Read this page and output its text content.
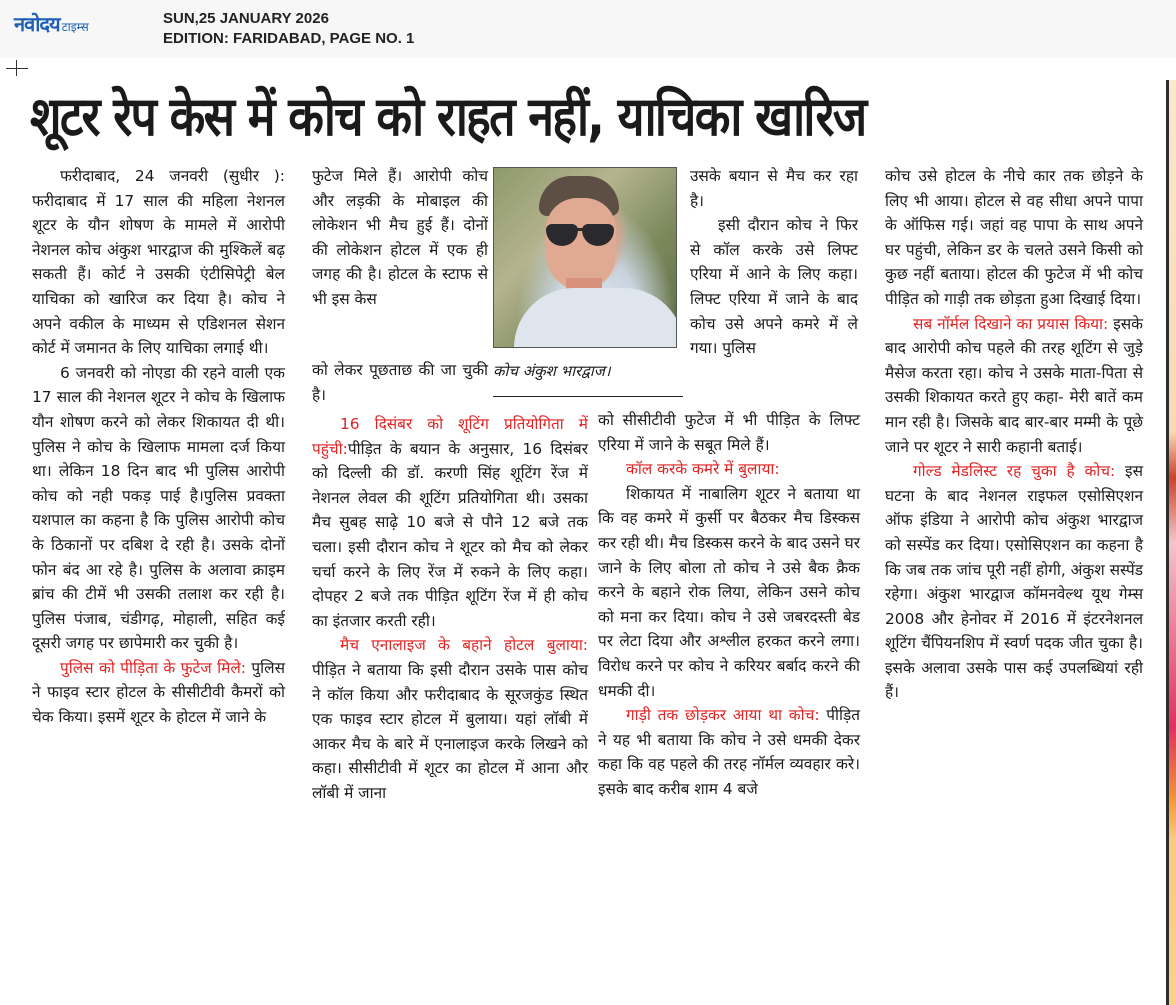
नवोदय टाइम्स	SUN,25 JANUARY 2026
EDITION: FARIDABAD, PAGE NO. 1
शूटर रेप केस में कोच को राहत नहीं, याचिका खारिज

फरीदाबाद, 24 जनवरी (सुधीर ): फरीदाबाद में 17 साल की महिला नेशनल शूटर के यौन शोषण के मामले में आरोपी नेशनल कोच अंकुश भारद्वाज की मुश्किलें बढ़ सकती हैं। कोर्ट ने उसकी एंटीसिपेट्री बेल याचिका को खारिज कर दिया है। कोच ने अपने वकील के माध्यम से एडिशनल सेशन कोर्ट में जमानत के लिए याचिका लगाई थी।

6 जनवरी को नोएडा की रहने वाली एक 17 साल की नेशनल शूटर ने कोच के खिलाफ यौन शोषण करने को लेकर शिकायत दी थी। पुलिस ने कोच के खिलाफ मामला दर्ज किया था। लेकिन 18 दिन बाद भी पुलिस आरोपी कोच को नही पकड़ पाई है।पुलिस प्रवक्ता यशपाल का कहना है कि पुलिस आरोपी कोच के ठिकानों पर दबिश दे रही है। उसके दोनों फोन बंद आ रहे है। पुलिस के अलावा क्राइम ब्रांच की टीमें भी उसकी तलाश कर रही है। पुलिस पंजाब, चंडीगढ़, मोहाली, सहित कई दूसरी जगह पर छापेमारी कर चुकी है।

पुलिस को पीड़िता के फुटेज मिले: पुलिस ने फाइव स्टार होटल के सीसीटीवी कैमरों को चेक किया। इसमें शूटर के होटल में जाने के

फुटेज मिले हैं। आरोपी कोच और लड़की के मोबाइल की लोकेशन भी मैच हुई हैं। दोनों की लोकेशन होटल में एक ही जगह की है। होटल के स्टाफ से भी इस केस

कोच अंकुश भारद्वाज।

को लेकर पूछताछ की जा चुकी है।

16 दिसंबर को शूटिंग प्रतियोगिता में पहुंची:पीड़ित के बयान के अनुसार, 16 दिसंबर को दिल्ली की डॉ. करणी सिंह शूटिंग रेंज में नेशनल लेवल की शूटिंग प्रतियोगिता थी। उसका मैच सुबह साढ़े 10 बजे से पौने 12 बजे तक चला। इसी दौरान कोच ने शूटर को मैच को लेकर चर्चा करने के लिए रेंज में रुकने के लिए कहा। दोपहर 2 बजे तक पीड़ित शूटिंग रेंज में ही कोच का इंतजार करती रही।

मैच एनालाइज के बहाने होटल बुलाया: पीड़ित ने बताया कि इसी दौरान उसके पास कोच ने कॉल किया और फरीदाबाद के सूरजकुंड स्थित एक फाइव स्टार होटल में बुलाया। यहां लॉबी में आकर मैच के बारे में एनालाइज करके लिखने को कहा। सीसीटीवी में शूटर का होटल में आना और लॉबी में जाना

उसके बयान से मैच कर रहा है।

इसी दौरान कोच ने फिर से कॉल करके उसे लिफ्ट एरिया में आने के लिए कहा। लिफ्ट एरिया में जाने के बाद कोच उसे अपने कमरे में ले गया। पुलिस

को सीसीटीवी फुटेज में भी पीड़ित के लिफ्ट एरिया में जाने के सबूत मिले हैं।

कॉल करके कमरे में बुलाया:

शिकायत में नाबालिग शूटर ने बताया था कि वह कमरे में कुर्सी पर बैठकर मैच डिस्कस कर रही थी। मैच डिस्कस करने के बाद उसने घर जाने के लिए बोला तो कोच ने उसे बैक क्रैक करने के बहाने रोक लिया, लेकिन उसने कोच को मना कर दिया। कोच ने उसे जबरदस्ती बेड पर लेटा दिया और अश्लील हरकत करने लगा। विरोध करने पर कोच ने करियर बर्बाद करने की धमकी दी।

गाड़ी तक छोड़कर आया था कोच: पीड़ित ने यह भी बताया कि कोच ने उसे धमकी देकर कहा कि वह पहले की तरह नॉर्मल व्यवहार करे। इसके बाद करीब शाम 4 बजे

कोच उसे होटल के नीचे कार तक छोड़ने के लिए भी आया। होटल से वह सीधा अपने पापा के ऑफिस गई। जहां वह पापा के साथ अपने घर पहुंची, लेकिन डर के चलते उसने किसी को कुछ नहीं बताया। होटल की फुटेज में भी कोच पीड़ित को गाड़ी तक छोड़ता हुआ दिखाई दिया।

सब नॉर्मल दिखाने का प्रयास किया: इसके बाद आरोपी कोच पहले की तरह शूटिंग से जुड़े मैसेज करता रहा। कोच ने उसके माता-पिता से उसकी शिकायत करते हुए कहा- मेरी बातें कम मान रही है। जिसके बाद बार-बार मम्मी के पूछे जाने पर शूटर ने सारी कहानी बताई।

गोल्ड मेडलिस्ट रह चुका है कोच: इस घटना के बाद नेशनल राइफल एसोसिएशन ऑफ इंडिया ने आरोपी कोच अंकुश भारद्वाज को सस्पेंड कर दिया। एसोसिएशन का कहना है कि जब तक जांच पूरी नहीं होगी, अंकुश सस्पेंड रहेगा। अंकुश भारद्वाज कॉमनवेल्थ यूथ गेम्स 2008 और हेनोवर में 2016 में इंटरनेशनल शूटिंग चैंपियनशिप में स्वर्ण पदक जीत चुका है। इसके अलावा उसके पास कई उपलब्धियां रही हैं।
